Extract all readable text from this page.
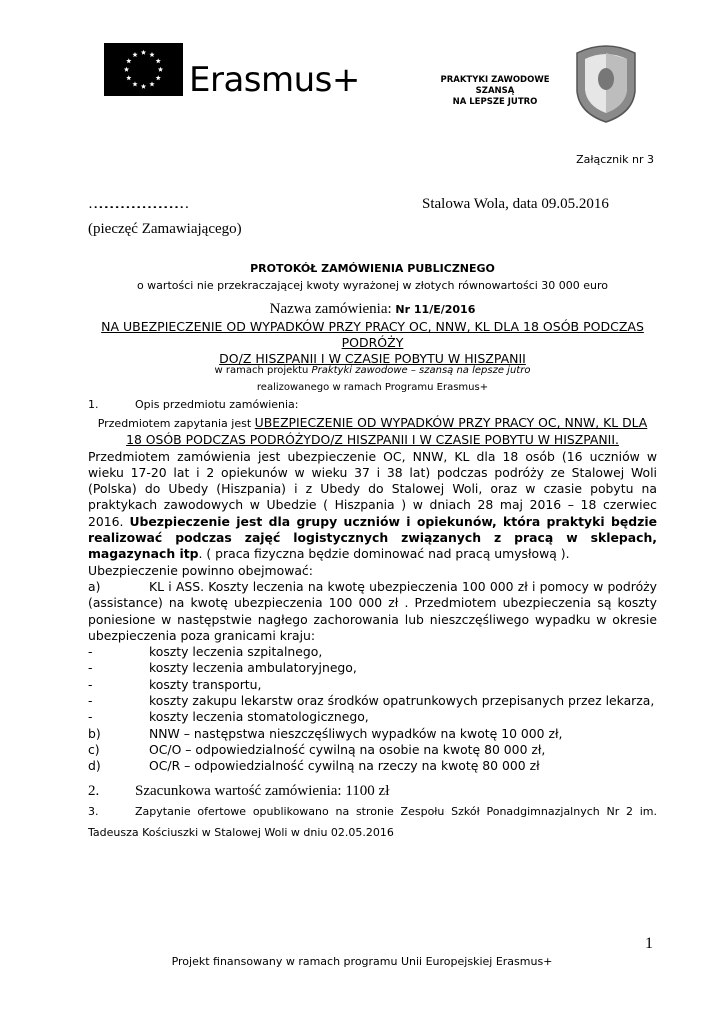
Erasmus+	PRAKTYKI ZAWODOWE
SZANSĄ
NA LEPSZE JUTRO
Załącznik nr 3
……………………………………………	Stalowa Wola, data 09.05.2016
(pieczęć Zamawiającego)
PROTOKÓŁ ZAMÓWIENIA PUBLICZNEGO
o wartości nie przekraczającej kwoty wyrażonej w złotych równowartości 30 000 euro
Nazwa zamówienia: Nr 11/E/2016
NA UBEZPIECZENIE OD WYPADKÓW PRZY PRACY OC, NNW, KL DLA 18 OSÓB PODCZAS
PODRÓŻY
DO/Z HISZPANII I W CZASIE POBYTU W HISZPANII
w ramach projektu Praktyki zawodowe – szansą na lepsze jutro
realizowanego w ramach Programu Erasmus+
1.	Opis przedmiotu zamówienia:
Przedmiotem zapytania jest UBEZPIECZENIE OD WYPADKÓW PRZY PRACY OC, NNW, KL DLA 18 OSÓB PODCZAS PODRÓŻYDO/Z HISZPANII I W CZASIE POBYTU W HISZPANII.
Przedmiotem zamówienia jest ubezpieczenie OC, NNW, KL dla 18 osób (16 uczniów w wieku 17-20 lat i 2 opiekunów w wieku 37 i 38 lat) podczas podróży ze Stalowej Woli (Polska) do Ubedy (Hiszpania) i z Ubedy do Stalowej Woli, oraz w czasie pobytu na praktykach zawodowych w Ubedzie ( Hiszpania ) w dniach 28 maj 2016 – 18 czerwiec 2016. Ubezpieczenie jest dla grupy uczniów i opiekunów, która praktyki będzie realizować podczas zajęć logistycznych związanych z pracą w sklepach, magazynach itp. ( praca fizyczna będzie dominować nad pracą umysłową ).
Ubezpieczenie powinno obejmować:
a)	KL i ASS. Koszty leczenia na kwotę ubezpieczenia 100 000 zł i pomocy w podróży (assistance) na kwotę ubezpieczenia 100 000 zł . Przedmiotem ubezpieczenia są koszty poniesione w następstwie nagłego zachorowania lub nieszczęśliwego wypadku w okresie ubezpieczenia poza granicami kraju:
-	koszty leczenia szpitalnego,
-	koszty leczenia ambulatoryjnego,
-	koszty transportu,
-	koszty zakupu lekarstw oraz środków opatrunkowych przepisanych przez lekarza,
-	koszty leczenia stomatologicznego,
b)	NNW – następstwa nieszczęśliwych wypadków na kwotę 10 000 zł,
c)	OC/O – odpowiedzialność cywilną na osobie na kwotę 80 000 zł,
d)	OC/R – odpowiedzialność cywilną na rzeczy na kwotę 80 000 zł
2. Szacunkowa wartość zamówienia: 1100 zł
3.	Zapytanie ofertowe opublikowano na stronie Zespołu Szkół Ponadgimnazjalnych Nr 2 im. Tadeusza Kościuszki w Stalowej Woli w dniu 02.05.2016
1
Projekt finansowany w ramach programu Unii Europejskiej Erasmus+
